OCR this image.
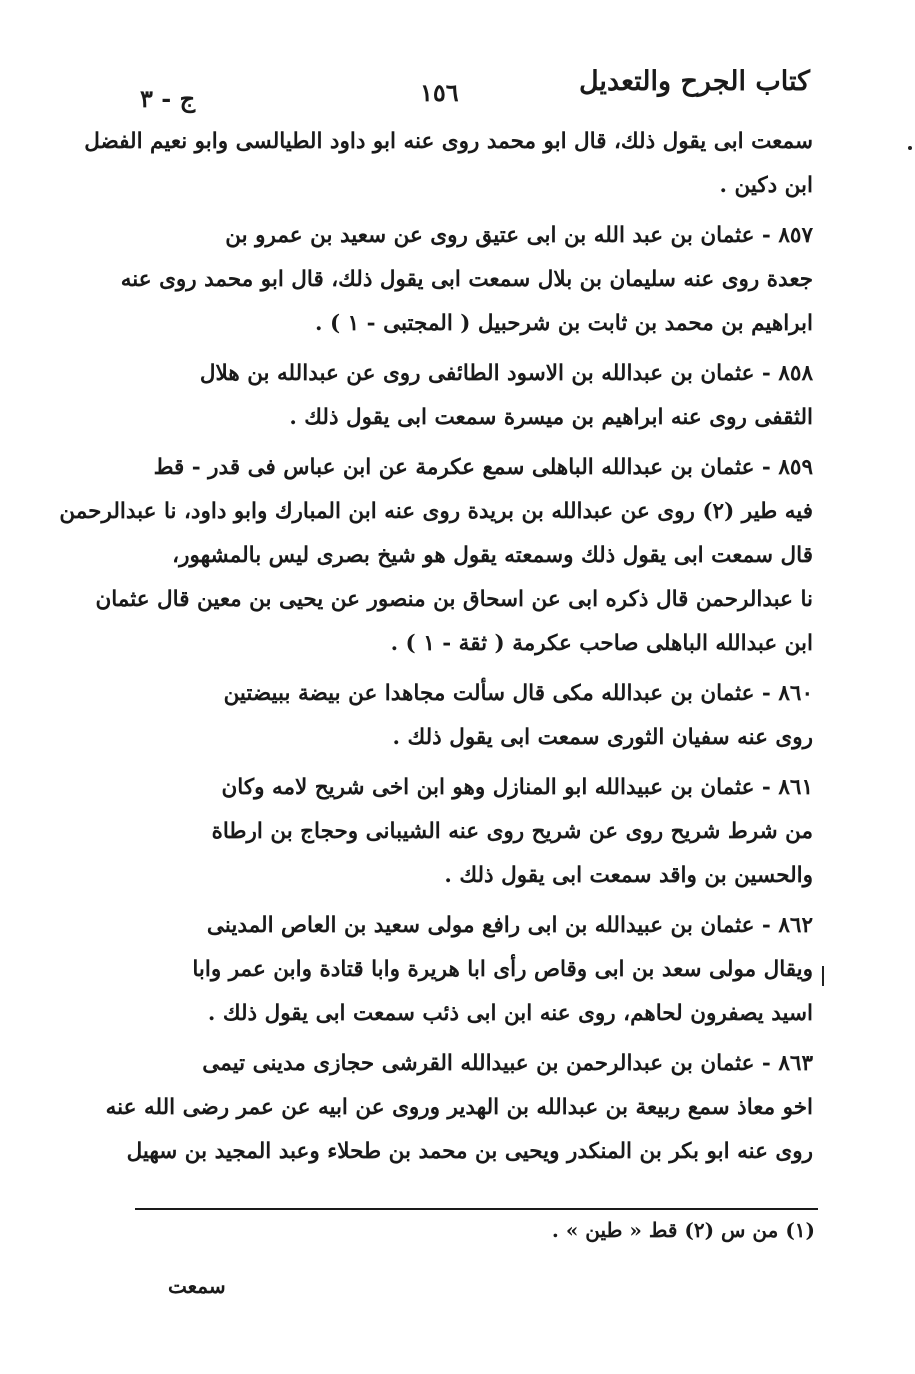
كتاب الجرح والتعديل
١٥٦
ج - ٣
سمعت ابى يقول ذلك، قال ابو محمد روى عنه ابو داود الطيالسى وابو نعيم الفضل
ابن دكين .
٨٥٧ - عثمان بن عبد الله بن ابى عتيق روى عن سعيد بن عمرو بن
جعدة روى عنه سليمان بن بلال سمعت ابى يقول ذلك، قال ابو محمد روى عنه
ابراهيم بن محمد بن ثابت بن شرحبيل ( المجتبى - ١ ) .
٨٥٨ - عثمان بن عبدالله بن الاسود الطائفى روى عن عبدالله بن هلال
الثقفى روى عنه ابراهيم بن ميسرة سمعت ابى يقول ذلك .
٨٥٩ - عثمان بن عبدالله الباهلى سمع عكرمة عن ابن عباس فى قدر - قط
فيه طير (٢) روى عن عبدالله بن بريدة روى عنه ابن المبارك وابو داود، نا عبدالرحمن
قال سمعت ابى يقول ذلك وسمعته يقول هو شيخ بصرى ليس بالمشهور،
نا عبدالرحمن قال ذكره ابى عن اسحاق بن منصور عن يحيى بن معين قال عثمان
ابن عبدالله الباهلى صاحب عكرمة ( ثقة - ١ ) .
٨٦٠ - عثمان بن عبدالله مكى قال سألت مجاهدا عن بيضة ببيضتين
روى عنه سفيان الثورى سمعت ابى يقول ذلك .
٨٦١ - عثمان بن عبيدالله ابو المنازل وهو ابن اخى شريح لامه وكان
من شرط شريح روى عن شريح روى عنه الشيبانى وحجاج بن ارطاة
والحسين بن واقد سمعت ابى يقول ذلك .
٨٦٢ - عثمان بن عبيدالله بن ابى رافع مولى سعيد بن العاص المدينى
ويقال مولى سعد بن ابى وقاص رأى ابا هريرة وابا قتادة وابن عمر وابا
اسيد يصفرون لحاهم، روى عنه ابن ابى ذئب سمعت ابى يقول ذلك .
٨٦٣ - عثمان بن عبدالرحمن بن عبيدالله القرشى حجازى مدينى تيمى
اخو معاذ سمع ربيعة بن عبدالله بن الهدير وروى عن ابيه عن عمر رضى الله عنه
روى عنه ابو بكر بن المنكدر ويحيى بن محمد بن طحلاء وعبد المجيد بن سهيل
(١) من س (٢) قط « طين » .
سمعت
